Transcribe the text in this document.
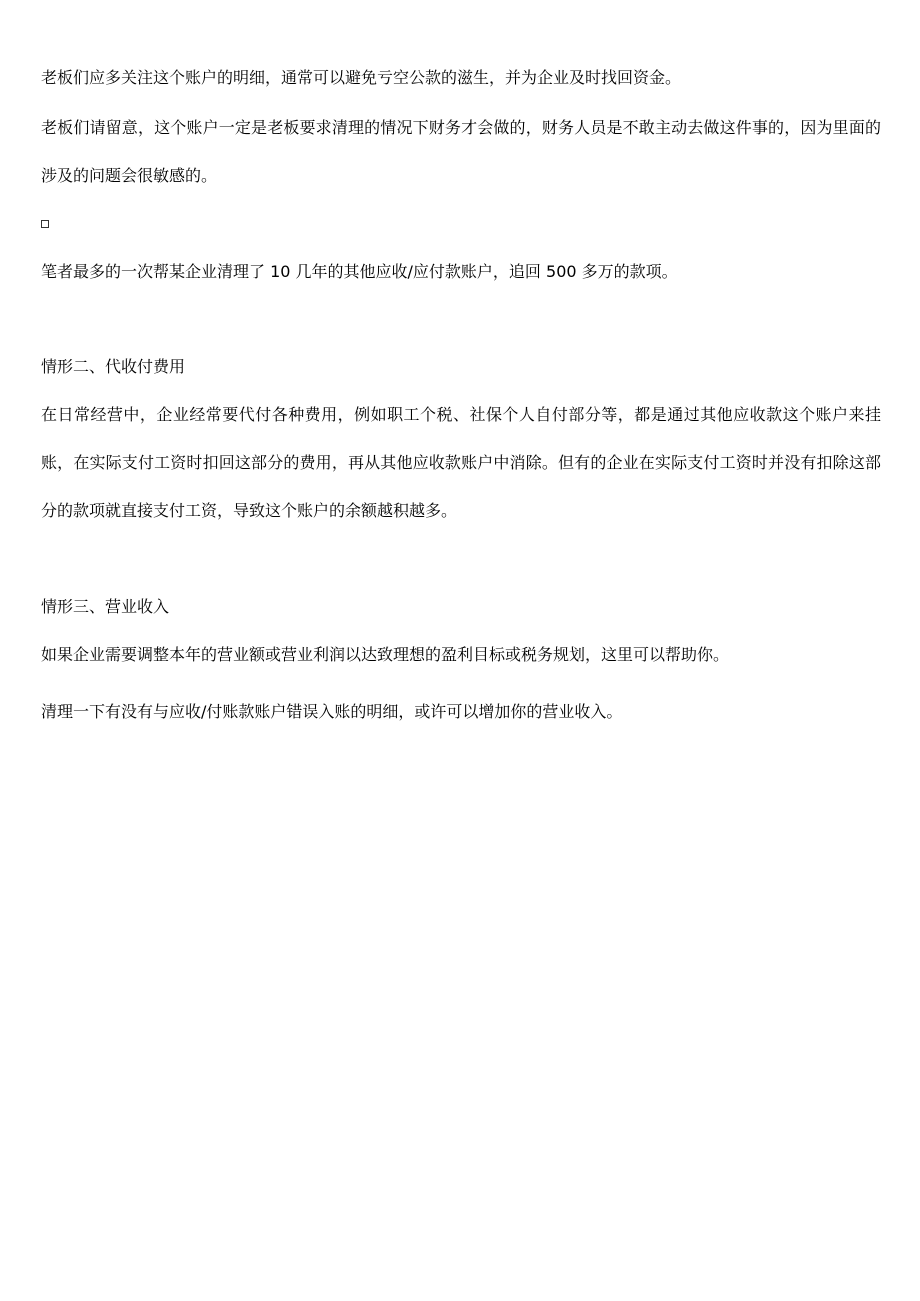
老板们应多关注这个账户的明细，通常可以避免亏空公款的滋生，并为企业及时找回资金。
老板们请留意，这个账户一定是老板要求清理的情况下财务才会做的，财务人员是不敢主动去做这件事的，因为里面的涉及的问题会很敏感的。
笔者最多的一次帮某企业清理了 10 几年的其他应收/应付款账户，追回 500 多万的款项。
情形二、代收付费用
在日常经营中，企业经常要代付各种费用，例如职工个税、社保个人自付部分等，都是通过其他应收款这个账户来挂账，在实际支付工资时扣回这部分的费用，再从其他应收款账户中消除。但有的企业在实际支付工资时并没有扣除这部分的款项就直接支付工资，导致这个账户的余额越积越多。
情形三、营业收入
如果企业需要调整本年的营业额或营业利润以达致理想的盈利目标或税务规划，这里可以帮助你。
清理一下有没有与应收/付账款账户错误入账的明细，或许可以增加你的营业收入。
